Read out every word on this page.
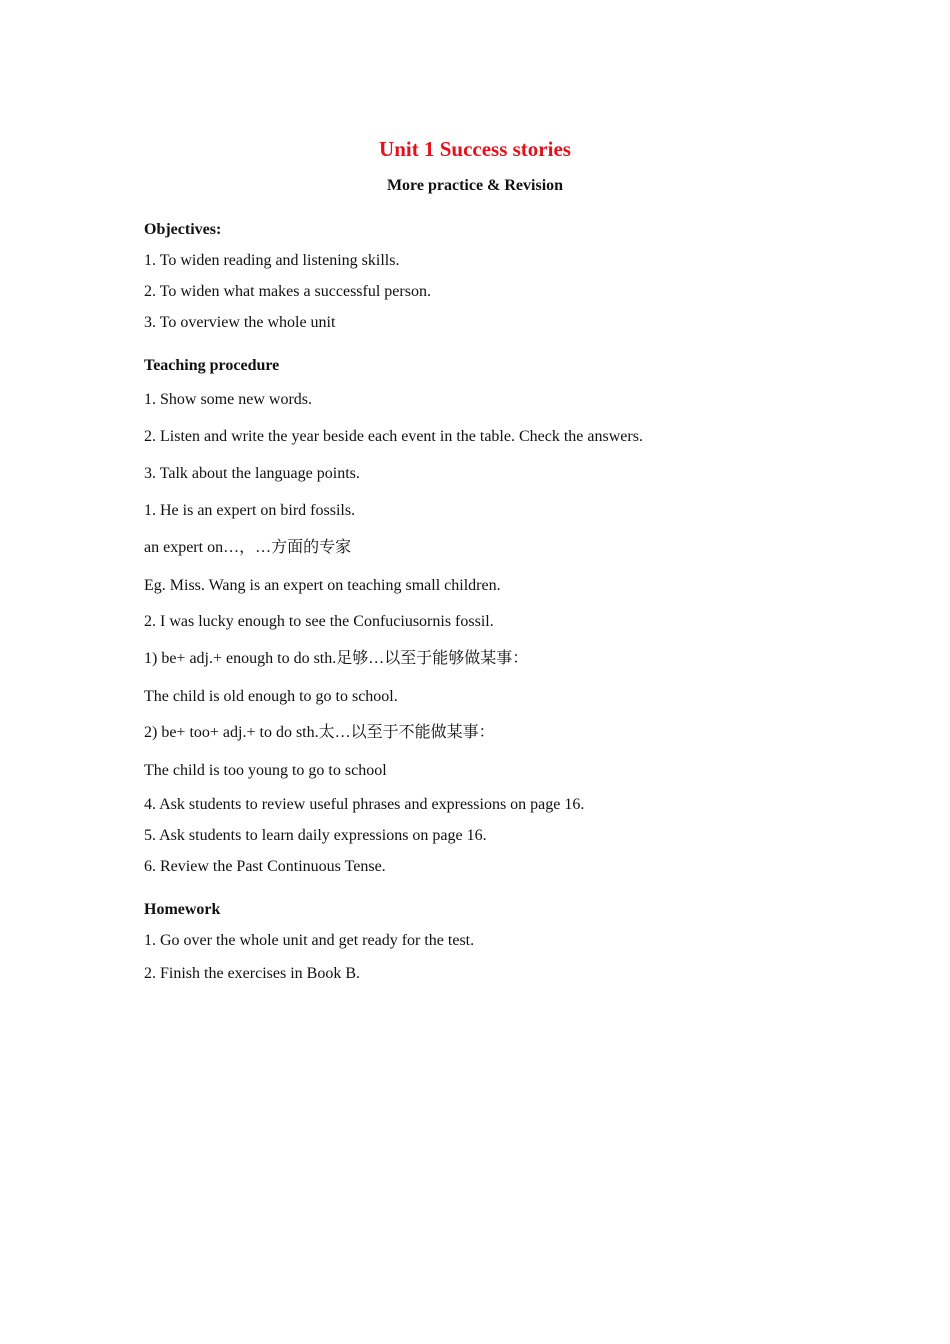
Unit 1 Success stories
More practice & Revision
Objectives:
1. To widen reading and listening skills.
2. To widen what makes a successful person.
3. To overview the whole unit
Teaching procedure
1. Show some new words.
2. Listen and write the year beside each event in the table. Check the answers.
3. Talk about the language points.
1. He is an expert on bird fossils.
an expert on…，…方面的专家
Eg. Miss. Wang is an expert on teaching small children.
2. I was lucky enough to see the Confuciusornis fossil.
1) be+ adj.+ enough to do sth.足够…以至于能够做某事：
The child is old enough to go to school.
2) be+ too+ adj.+ to do sth.太…以至于不能做某事：
The child is too young to go to school
4. Ask students to review useful phrases and expressions on page 16.
5. Ask students to learn daily expressions on page 16.
6. Review the Past Continuous Tense.
Homework
1. Go over the whole unit and get ready for the test.
2. Finish the exercises in Book B.
